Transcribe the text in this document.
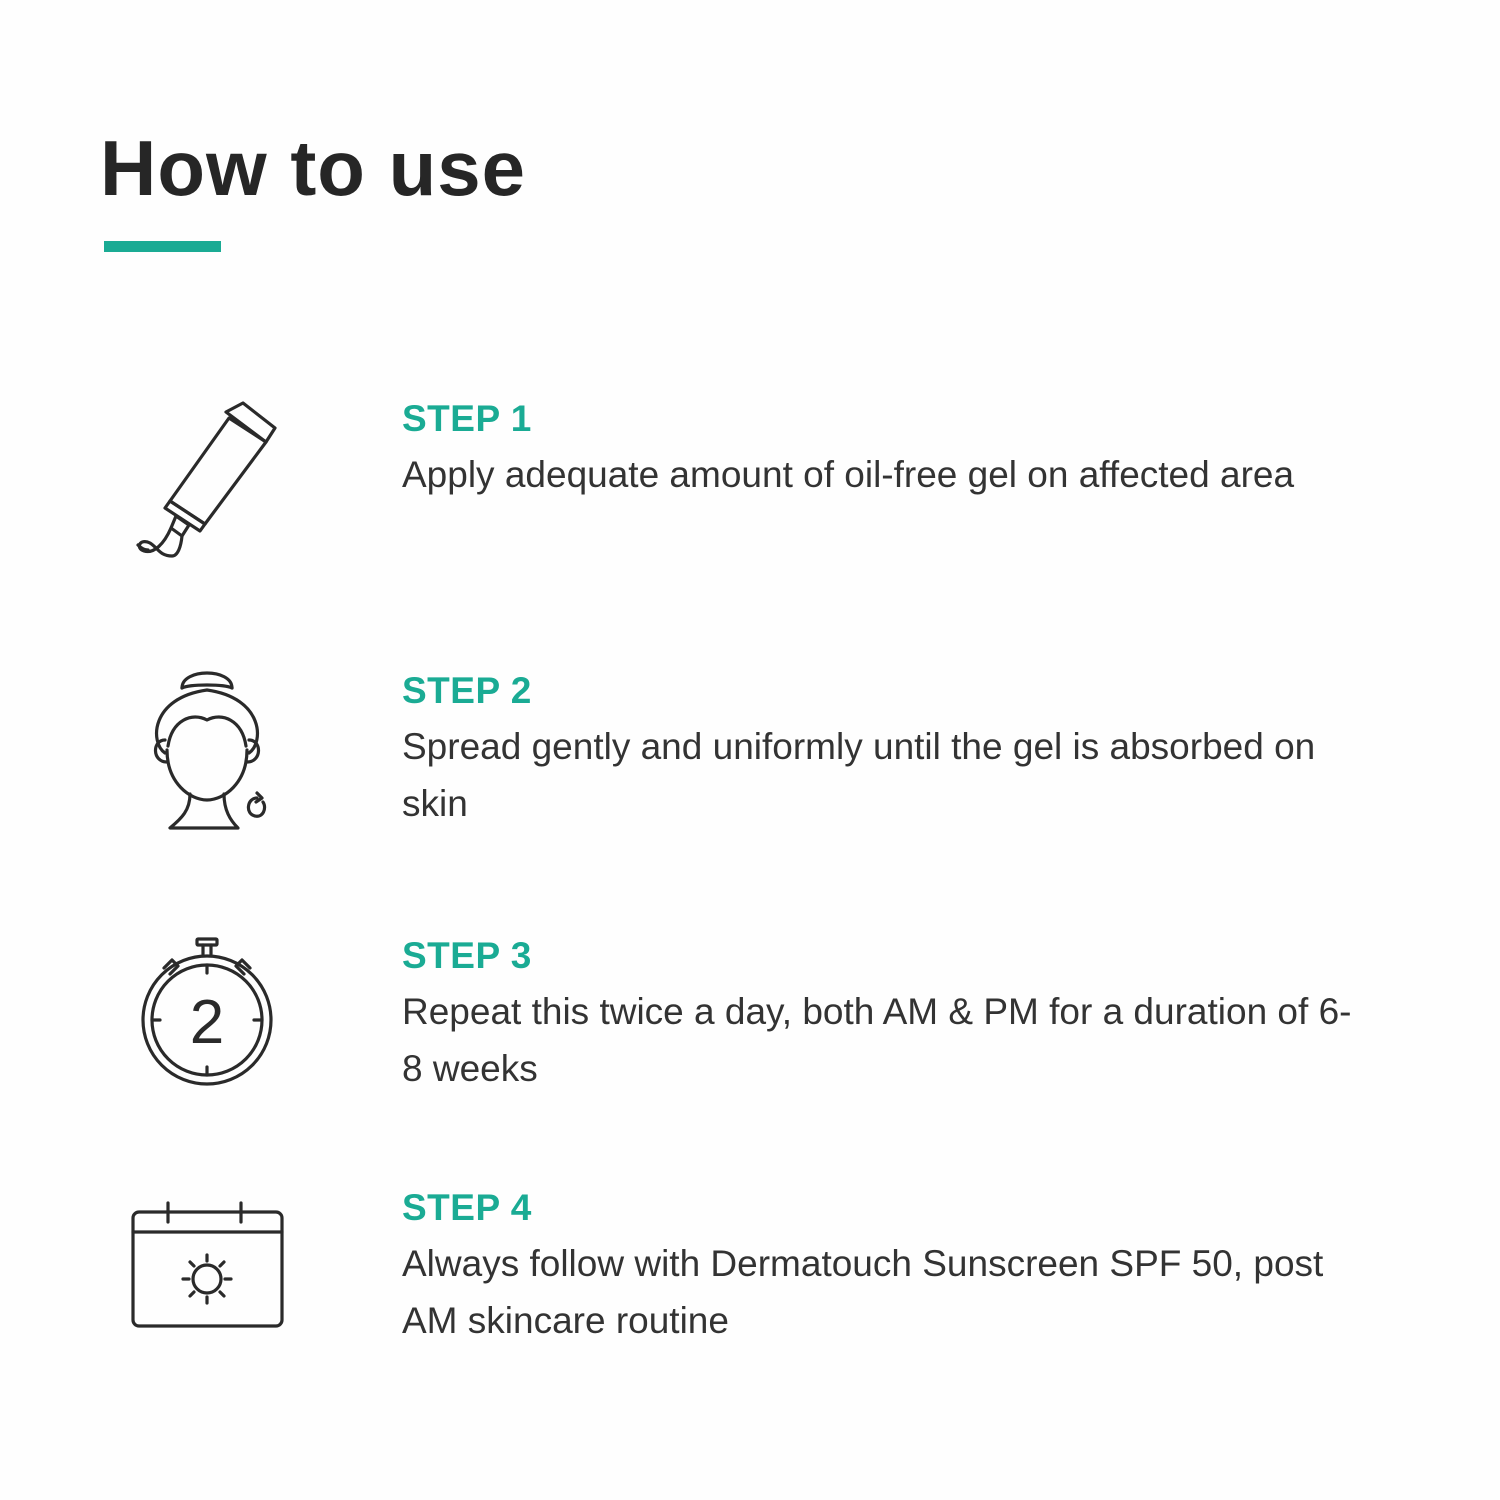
How to use

STEP 1

Apply adequate amount of oil-free gel on affected area

STEP 2

Spread gently and uniformly until the gel is absorbed on skin

2

STEP 3

Repeat this twice a day, both AM & PM for a duration of 6-8 weeks

STEP 4

Always follow with Dermatouch Sunscreen SPF 50, post AM skincare routine
